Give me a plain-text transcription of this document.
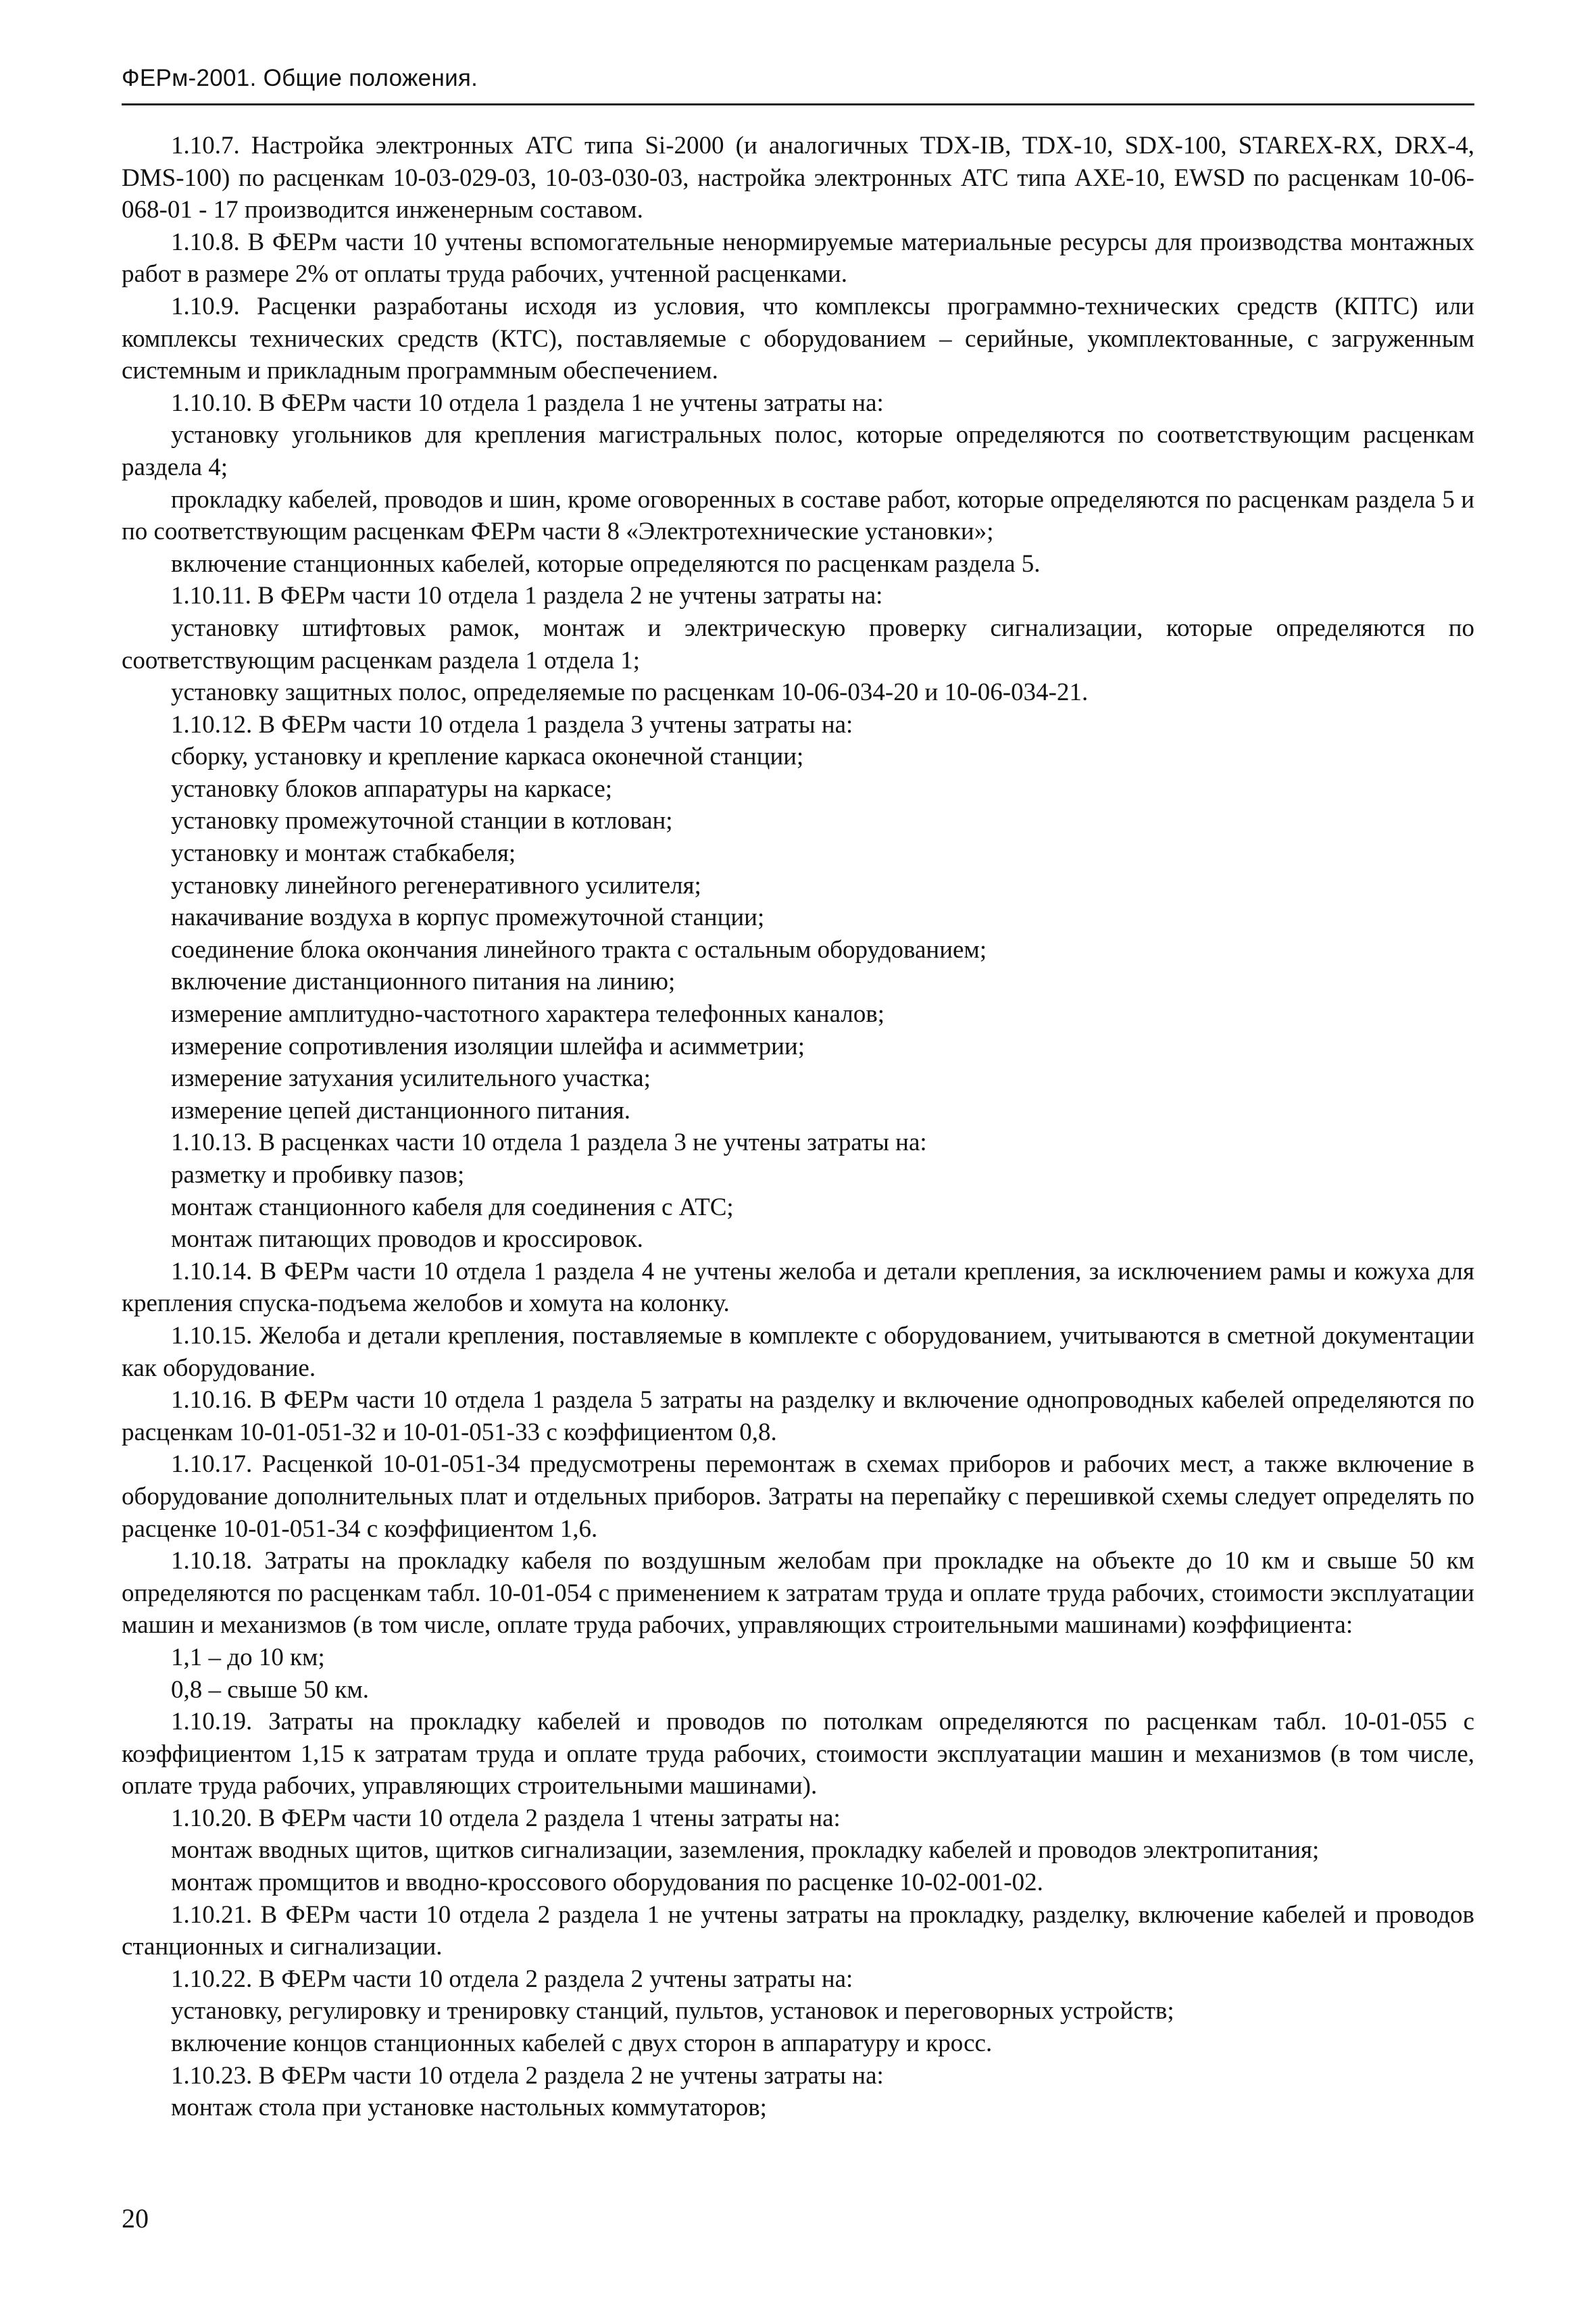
ФЕРм-2001. Общие положения.

1.10.7. Настройка электронных АТС типа Si-2000 (и аналогичных TDX-IB, TDX-10, SDX-100, STAREX-RX, DRX-4, DMS-100) по расценкам 10-03-029-03, 10-03-030-03, настройка электронных АТС типа АХЕ-10, EWSD по расценкам 10-06-068-01 - 17 производится инженерным составом.

1.10.8. В ФЕРм части 10 учтены вспомогательные ненормируемые материальные ресурсы для производства монтажных работ в размере 2% от оплаты труда рабочих, учтенной расценками.

1.10.9. Расценки разработаны исходя из условия, что комплексы программно-технических средств (КПТС) или комплексы технических средств (КТС), поставляемые с оборудованием – серийные, укомплектованные, с загруженным системным и прикладным программным обеспечением.

1.10.10. В ФЕРм части 10 отдела 1 раздела 1 не учтены затраты на:

установку угольников для крепления магистральных полос, которые определяются по соответствующим расценкам раздела 4;

прокладку кабелей, проводов и шин, кроме оговоренных в составе работ, которые определяются по расценкам раздела 5 и по соответствующим расценкам ФЕРм части 8 «Электротехнические установки»;

включение станционных кабелей, которые определяются по расценкам раздела 5.

1.10.11. В ФЕРм части 10 отдела 1 раздела 2 не учтены затраты на:

установку штифтовых рамок, монтаж и электрическую проверку сигнализации, которые определяются по соответствующим расценкам раздела 1 отдела 1;

установку защитных полос, определяемые по расценкам 10-06-034-20 и 10-06-034-21.

1.10.12. В ФЕРм части 10 отдела 1 раздела 3 учтены затраты на:

сборку, установку и крепление каркаса оконечной станции;

установку блоков аппаратуры на каркасе;

установку промежуточной станции в котлован;

установку и монтаж стабкабеля;

установку линейного регенеративного усилителя;

накачивание воздуха в корпус промежуточной станции;

соединение блока окончания линейного тракта с остальным оборудованием;

включение дистанционного питания на линию;

измерение амплитудно-частотного характера телефонных каналов;

измерение сопротивления изоляции шлейфа и асимметрии;

измерение затухания усилительного участка;

измерение цепей дистанционного питания.

1.10.13. В расценках части 10 отдела 1 раздела 3 не учтены затраты на:

разметку и пробивку пазов;

монтаж станционного кабеля для соединения с АТС;

монтаж питающих проводов и кроссировок.

1.10.14. В ФЕРм части 10 отдела 1 раздела 4 не учтены желоба и детали крепления, за исключением рамы и кожуха для крепления спуска-подъема желобов и хомута на колонку.

1.10.15. Желоба и детали крепления, поставляемые в комплекте с оборудованием, учитываются в сметной документации как оборудование.

1.10.16. В ФЕРм части 10 отдела 1 раздела 5 затраты на разделку и включение однопроводных кабелей определяются по расценкам 10-01-051-32 и 10-01-051-33 с коэффициентом 0,8.

1.10.17. Расценкой 10-01-051-34 предусмотрены перемонтаж в схемах приборов и рабочих мест, а также включение в оборудование дополнительных плат и отдельных приборов. Затраты на перепайку с перешивкой схемы следует определять по расценке 10-01-051-34 с коэффициентом 1,6.

1.10.18. Затраты на прокладку кабеля по воздушным желобам при прокладке на объекте до 10 км и свыше 50 км определяются по расценкам табл. 10-01-054 с применением к затратам труда и оплате труда рабочих, стоимости эксплуатации машин и механизмов (в том числе, оплате труда рабочих, управляющих строительными машинами) коэффициента:

1,1 – до 10 км;

0,8 – свыше 50 км.

1.10.19. Затраты на прокладку кабелей и проводов по потолкам определяются по расценкам табл. 10-01-055 с коэффициентом 1,15 к затратам труда и оплате труда рабочих, стоимости эксплуатации машин и механизмов (в том числе, оплате труда рабочих, управляющих строительными машинами).

1.10.20. В ФЕРм части 10 отдела 2 раздела 1 чтены затраты на:

монтаж вводных щитов, щитков сигнализации, заземления, прокладку кабелей и проводов электропитания;

монтаж промщитов и вводно-кроссового оборудования по расценке 10-02-001-02.

1.10.21. В ФЕРм части 10 отдела 2 раздела 1 не учтены затраты на прокладку, разделку, включение кабелей и проводов станционных и сигнализации.

1.10.22. В ФЕРм части 10 отдела 2 раздела 2 учтены затраты на:

установку, регулировку и тренировку станций, пультов, установок и переговорных устройств;

включение концов станционных кабелей с двух сторон в аппаратуру и кросс.

1.10.23. В ФЕРм части 10 отдела 2 раздела 2 не учтены затраты на:

монтаж стола при установке настольных коммутаторов;

20
